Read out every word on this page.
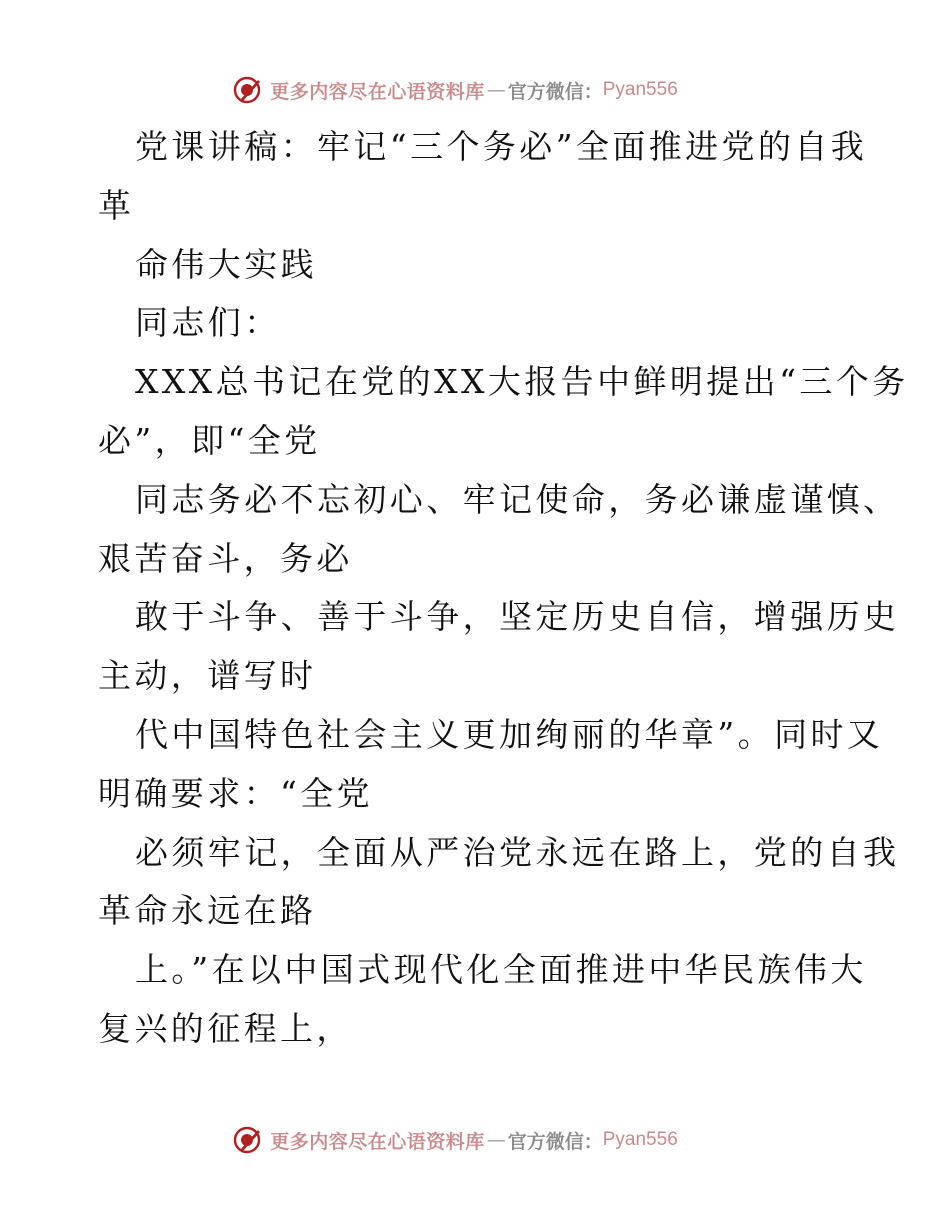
更多内容尽在心语资料库 — 官方微信： Pyan556
党课讲稿：牢记“三个务必”全面推进党的自我
革
命伟大实践
同志们：
XXX总书记在党的XX大报告中鲜明提出“三个务
必”，即“全党
同志务必不忘初心、牢记使命，务必谦虚谨慎、
艰苦奋斗，务必
敢于斗争、善于斗争，坚定历史自信，增强历史
主动，谱写时
代中国特色社会主义更加绚丽的华章”。同时又
明确要求：“全党
必须牢记，全面从严治党永远在路上，党的自我
革命永远在路
上。”在以中国式现代化全面推进中华民族伟大
复兴的征程上，
更多内容尽在心语资料库 — 官方微信： Pyan556
